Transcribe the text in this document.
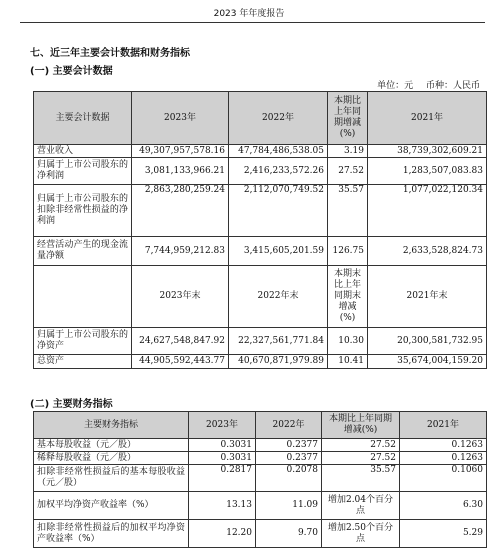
2023 年年度报告
七、近三年主要会计数据和财务指标
(一) 主要会计数据
单位：元 币种：人民币
主要会计数据	2023年	2022年	本期比上年同期增减(%)	2021年
营业收入	49,307,957,578.16	47,784,486,538.05	3.19	38,739,302,609.21
归属于上市公司股东的净利润	3,081,133,966.21	2,416,233,572.26	27.52	1,283,507,083.83
归属于上市公司股东的扣除非经常性损益的净利润	2,863,280,259.24	2,112,070,749.52	35.57	1,077,022,120.34
经营活动产生的现金流量净额	7,744,959,212.83	3,415,605,201.59	126.75	2,633,528,824.73
	2023年末	2022年末	本期末比上年同期末增减(%)	2021年末
归属于上市公司股东的净资产	24,627,548,847.92	22,327,561,771.84	10.30	20,300,581,732.95
总资产	44,905,592,443.77	40,670,871,979.89	10.41	35,674,004,159.20
(二) 主要财务指标
主要财务指标	2023年	2022年	本期比上年同期增减(%)	2021年
基本每股收益（元／股）	0.3031	0.2377	27.52	0.1263
稀释每股收益（元／股）	0.3031	0.2377	27.52	0.1263
扣除非经常性损益后的基本每股收益（元／股）	0.2817	0.2078	35.57	0.1060
加权平均净资产收益率（%）	13.13	11.09	增加2.04个百分点	6.30
扣除非经常性损益后的加权平均净资产收益率（%）	12.20	9.70	增加2.50个百分点	5.29
